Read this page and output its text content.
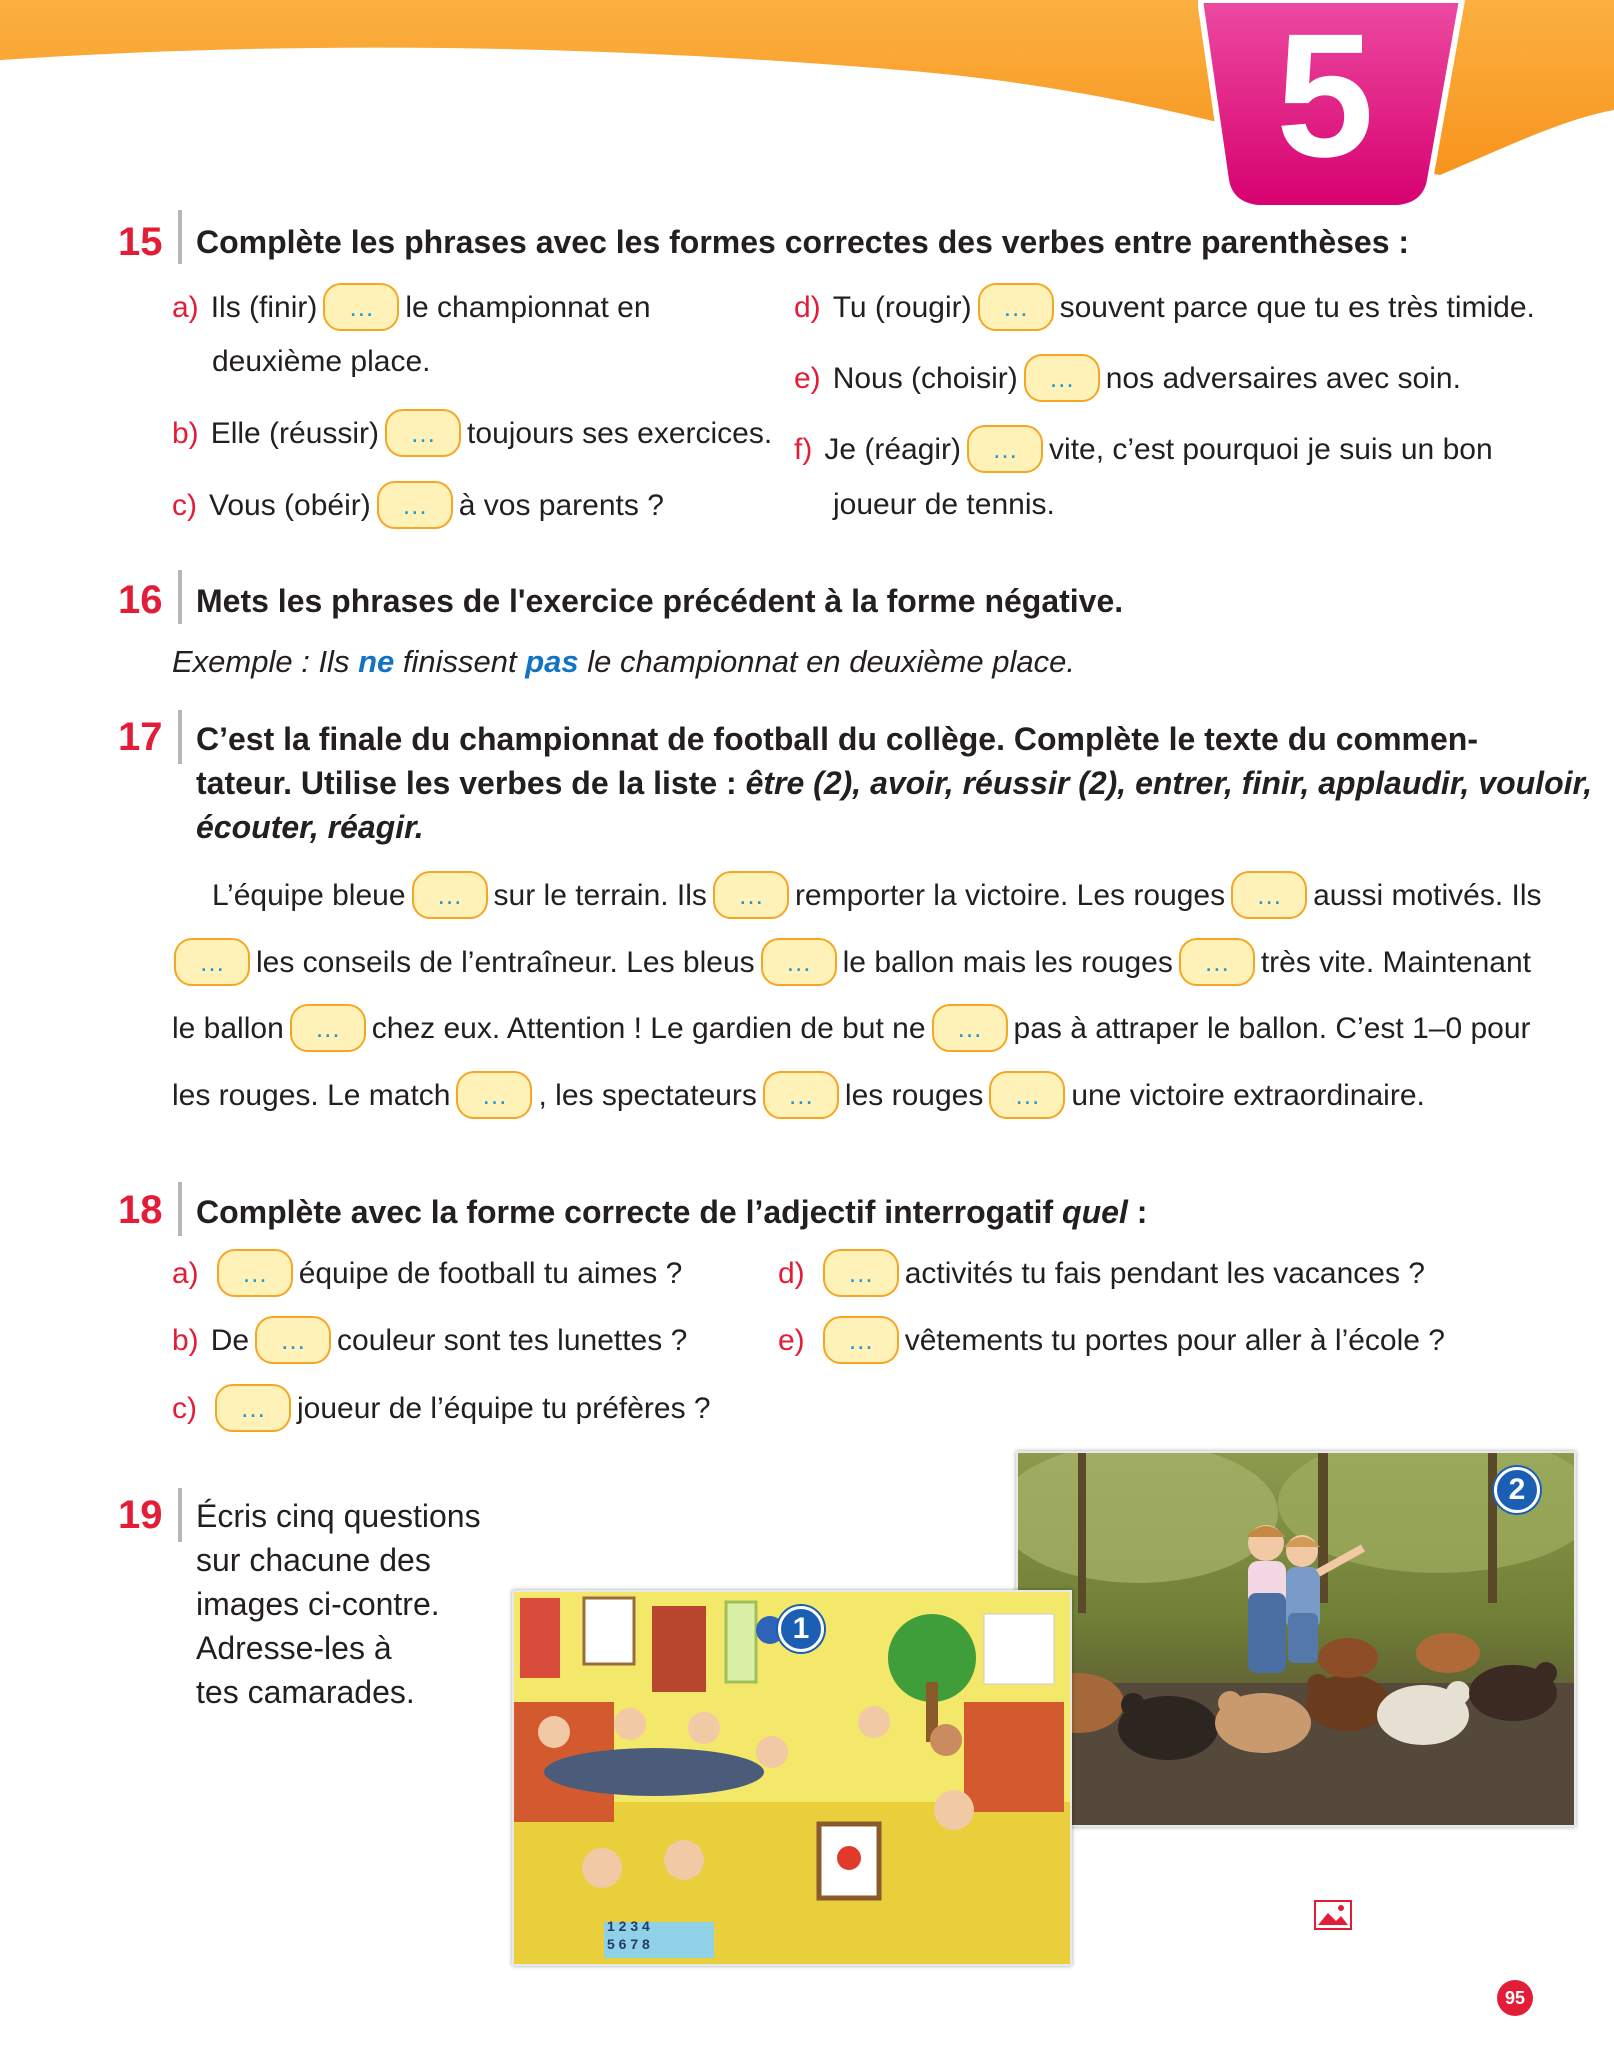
5
15 Complète les phrases avec les formes correctes des verbes entre parenthèses :
a) Ils (finir) … le championnat en
deuxième place.
b) Elle (réussir) … toujours ses exercices.
c) Vous (obéir) … à vos parents ?
d) Tu (rougir) … souvent parce que tu es très timide.
e) Nous (choisir) … nos adversaires avec soin.
f) Je (réagir) … vite, c’est pourquoi je suis un bon
joueur de tennis.
16 Mets les phrases de l'exercice précédent à la forme négative.
Exemple : Ils ne finissent pas le championnat en deuxième place.
17 C’est la finale du championnat de football du collège. Complète le texte du commen-
tateur. Utilise les verbes de la liste : être (2), avoir, réussir (2), entrer, finir, applaudir, vouloir,
écouter, réagir.
L’équipe bleue … sur le terrain. Ils … remporter la victoire. Les rouges … aussi motivés. Ils
… les conseils de l’entraîneur. Les bleus … le ballon mais les rouges … très vite. Maintenant
le ballon … chez eux. Attention ! Le gardien de but ne … pas à attraper le ballon. C’est 1–0 pour
les rouges. Le match … , les spectateurs … les rouges … une victoire extraordinaire.
18 Complète avec la forme correcte de l’adjectif interrogatif quel :
a) … équipe de football tu aimes ?
b) De … couleur sont tes lunettes ?
c) … joueur de l’équipe tu préfères ?
d) … activités tu fais pendant les vacances ?
e) … vêtements tu portes pour aller à l’école ?
19 Écris cinq questions
sur chacune des
images ci-contre.
Adresse-les à
tes camarades.
2
1
1 2 3 4
5 6 7 8
95
